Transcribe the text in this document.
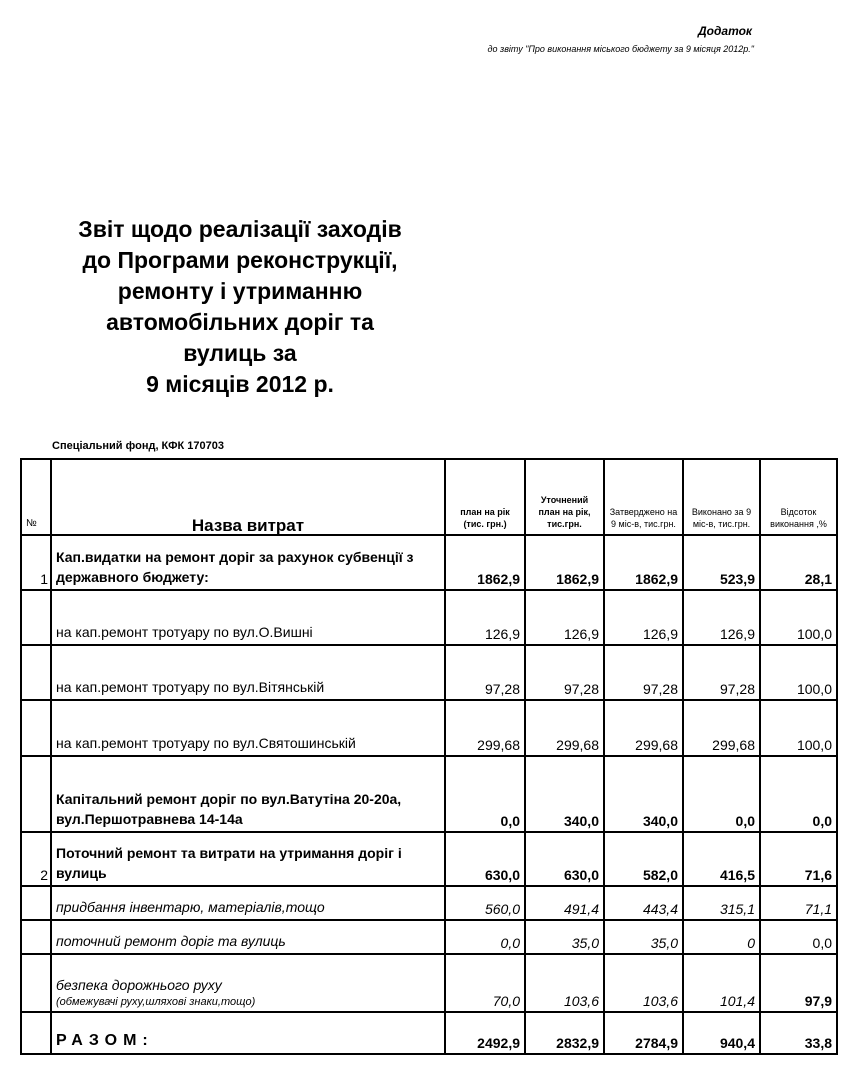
Додаток
до звіту "Про виконання міського бюджету за 9 місяця 2012р."
Звіт щодо реалізації заходів
до Програми реконструкції,
ремонту і утриманню
автомобільних доріг та
вулиць за
9 місяців 2012 р.
Спеціальний фонд, КФК 170703
№	Назва витрат	план на рік (тис. грн.)	Уточнений план на рік, тис.грн.	Затверджено на 9 міс-в, тис.грн.	Виконано за 9 міс-в, тис.грн.	Відсоток виконання ,%
1	Кап.видатки на ремонт доріг за рахунок субвенції з державного бюджету:	1862,9	1862,9	1862,9	523,9	28,1
	на кап.ремонт тротуару по вул.О.Вишні	126,9	126,9	126,9	126,9	100,0
	на кап.ремонт тротуару по вул.Вітянській	97,28	97,28	97,28	97,28	100,0
	на кап.ремонт тротуару по вул.Святошинській	299,68	299,68	299,68	299,68	100,0
	Капітальний ремонт доріг по вул.Ватутіна 20-20а, вул.Першотравнева 14-14а	0,0	340,0	340,0	0,0	0,0
2	Поточний ремонт та витрати на утримання доріг і вулиць	630,0	630,0	582,0	416,5	71,6
	придбання інвентарю, матеріалів,тощо	560,0	491,4	443,4	315,1	71,1
	поточний ремонт доріг та вулиць	0,0	35,0	35,0	0	0,0
	безпека дорожнього руху
(обмежувачі руху,шляхові знаки,тощо)	70,0	103,6	103,6	101,4	97,9
	РАЗОМ:	2492,9	2832,9	2784,9	940,4	33,8
